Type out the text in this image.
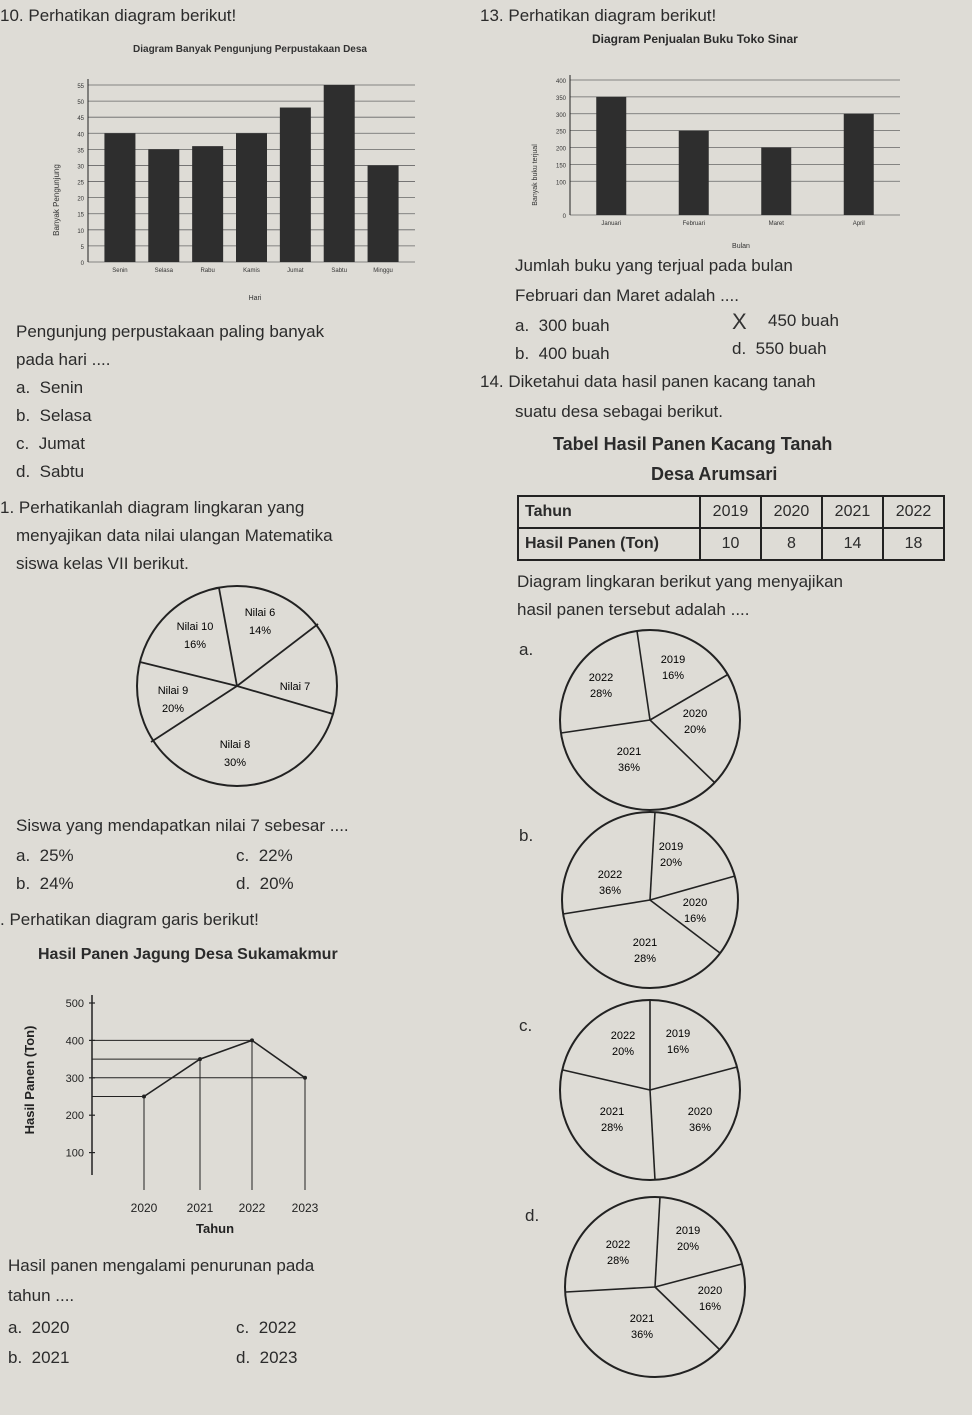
10. Perhatikan diagram berikut!
Diagram Banyak Pengunjung Perpustakaan Desa
0
5
10
15
20
25
30
35
40
45
50
55
Senin	Selasa	Rabu	Kamis	Jumat	Sabtu	Minggu
Banyak Pengunjung
Hari
Pengunjung perpustakaan paling banyak
pada hari ....
a. Senin
b. Selasa
c. Jumat
d. Sabtu
1. Perhatikanlah diagram lingkaran yang
menyajikan data nilai ulangan Matematika
siswa kelas VII berikut.
Nilai 6
14%
Nilai 7
Nilai 8
30%
Nilai 9
20%
Nilai 10
16%
Siswa yang mendapatkan nilai 7 sebesar ....
a. 25%
b. 24%
c. 22%
d. 20%
. Perhatikan diagram garis berikut!
Hasil Panen Jagung Desa Sukamakmur
Hasil Panen (Ton)
100
200
300
400
500
2020 2021 2022 2023
Tahun
Hasil panen mengalami penurunan pada
tahun ....
a. 2020
b. 2021
c. 2022
d. 2023
13. Perhatikan diagram berikut!
Diagram Penjualan Buku Toko Sinar
0
100
150
200
250
300
350
400
Januari	Februari	Maret	April
Banyak buku terjual
Bulan
Jumlah buku yang terjual pada bulan
Februari dan Maret adalah ....
a. 300 buah
b. 400 buah
X 450 buah
d. 550 buah
14. Diketahui data hasil panen kacang tanah
suatu desa sebagai berikut.
Tabel Hasil Panen Kacang Tanah
Desa Arumsari
Tahun	2019	2020	2021	2022
Hasil Panen (Ton)	10	8	14	18
Diagram lingkaran berikut yang menyajikan
hasil panen tersebut adalah ....
a.
2019
16%
2020
20%
2021
36%
2022
28%
b.
2019
20%
2020
16%
2021
28%
2022
36%
c.	2019
16%
2020
36%
2021
28%
2022
20%
d.
2019
20%
2020
16%
2021
36%
2022
28%
